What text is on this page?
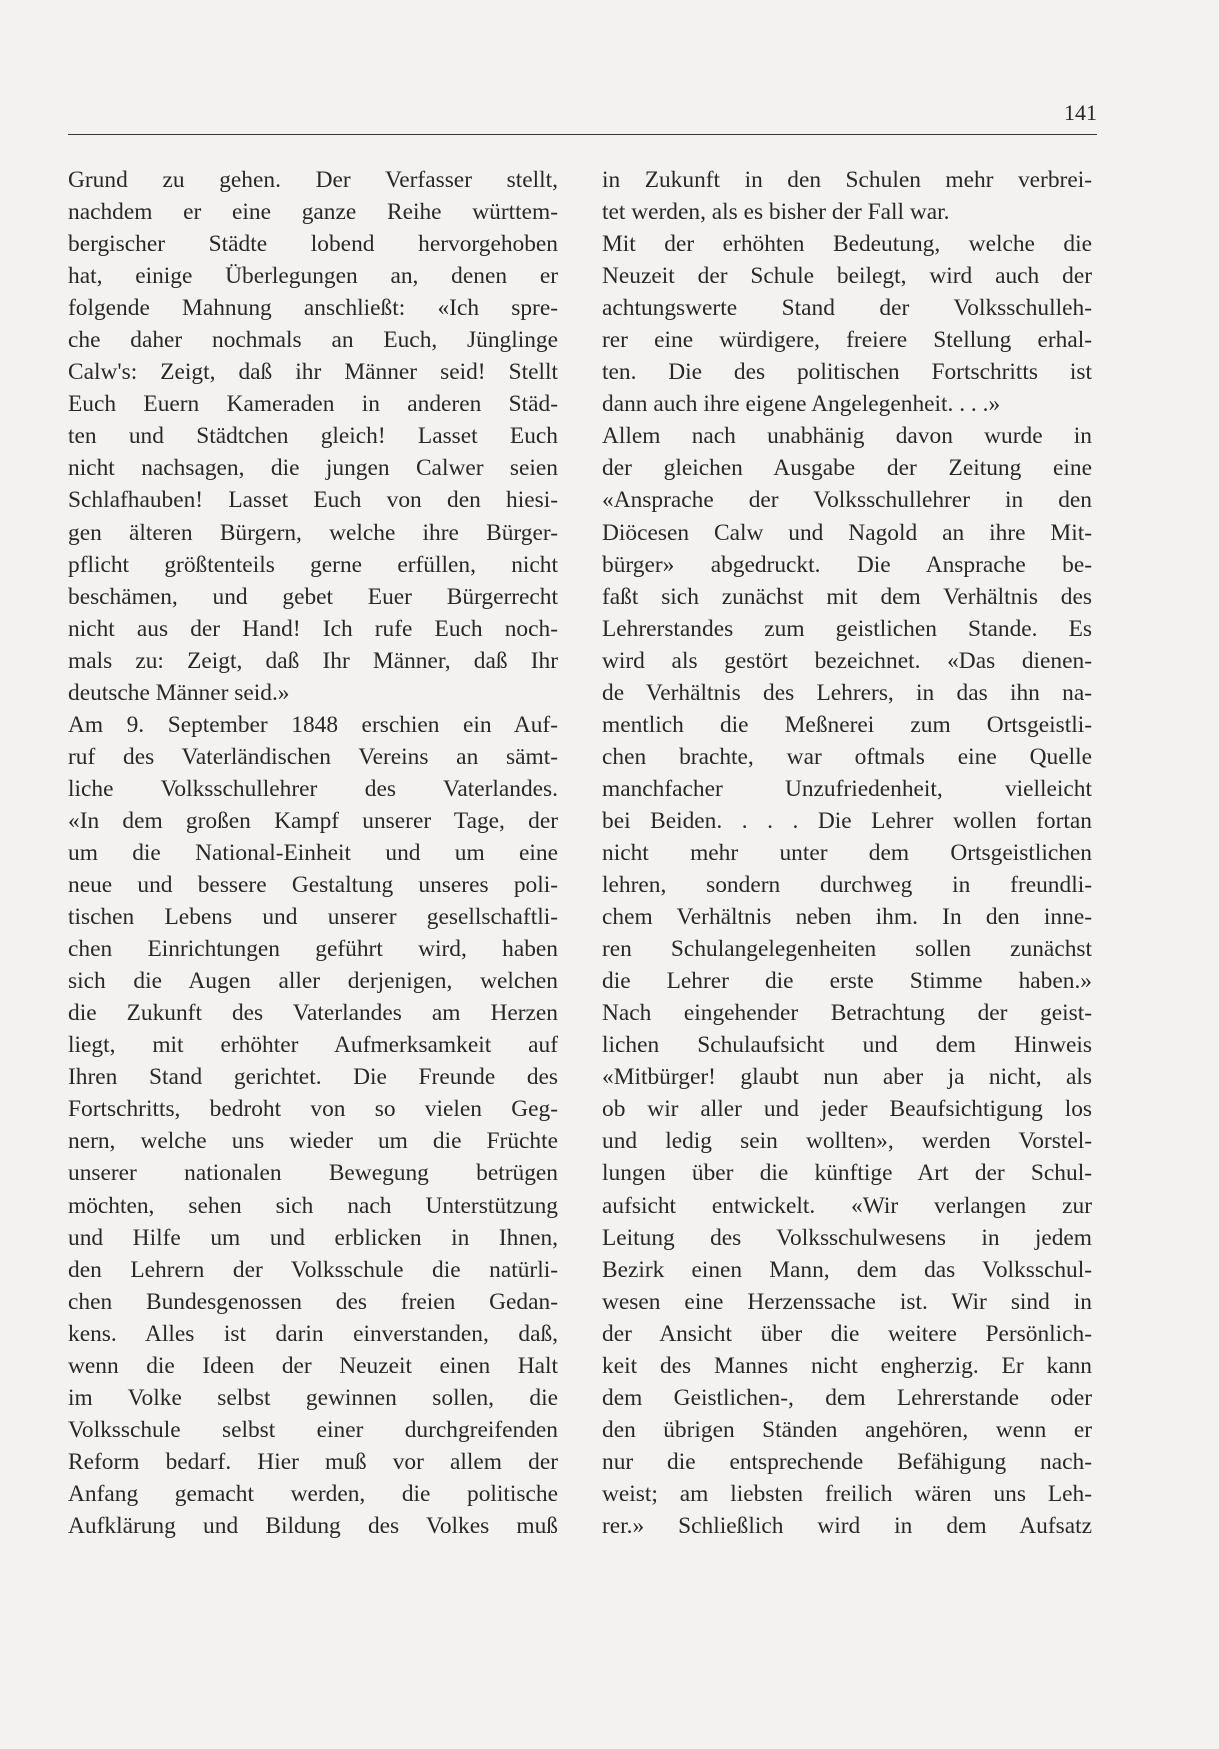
141
Grund zu gehen. Der Verfasser stellt,
nachdem er eine ganze Reihe württem-
bergischer Städte lobend hervorgehoben
hat, einige Überlegungen an, denen er
folgende Mahnung anschließt: «Ich spre-
che daher nochmals an Euch, Jünglinge
Calw's: Zeigt, daß ihr Männer seid! Stellt
Euch Euern Kameraden in anderen Städ-
ten und Städtchen gleich! Lasset Euch
nicht nachsagen, die jungen Calwer seien
Schlafhauben! Lasset Euch von den hiesi-
gen älteren Bürgern, welche ihre Bürger-
pflicht größtenteils gerne erfüllen, nicht
beschämen, und gebet Euer Bürgerrecht
nicht aus der Hand! Ich rufe Euch noch-
mals zu: Zeigt, daß Ihr Männer, daß Ihr
deutsche Männer seid.»
Am 9. September 1848 erschien ein Auf-
ruf des Vaterländischen Vereins an sämt-
liche Volksschullehrer des Vaterlandes.
«In dem großen Kampf unserer Tage, der
um die National-Einheit und um eine
neue und bessere Gestaltung unseres poli-
tischen Lebens und unserer gesellschaftli-
chen Einrichtungen geführt wird, haben
sich die Augen aller derjenigen, welchen
die Zukunft des Vaterlandes am Herzen
liegt, mit erhöhter Aufmerksamkeit auf
Ihren Stand gerichtet. Die Freunde des
Fortschritts, bedroht von so vielen Geg-
nern, welche uns wieder um die Früchte
unserer nationalen Bewegung betrügen
möchten, sehen sich nach Unterstützung
und Hilfe um und erblicken in Ihnen,
den Lehrern der Volksschule die natürli-
chen Bundesgenossen des freien Gedan-
kens. Alles ist darin einverstanden, daß,
wenn die Ideen der Neuzeit einen Halt
im Volke selbst gewinnen sollen, die
Volksschule selbst einer durchgreifenden
Reform bedarf. Hier muß vor allem der
Anfang gemacht werden, die politische
Aufklärung und Bildung des Volkes muß
in Zukunft in den Schulen mehr verbrei-
tet werden, als es bisher der Fall war.
Mit der erhöhten Bedeutung, welche die
Neuzeit der Schule beilegt, wird auch der
achtungswerte Stand der Volksschulleh-
rer eine würdigere, freiere Stellung erhal-
ten. Die des politischen Fortschritts ist
dann auch ihre eigene Angelegenheit. . . .»
Allem nach unabhänig davon wurde in
der gleichen Ausgabe der Zeitung eine
«Ansprache der Volksschullehrer in den
Diöcesen Calw und Nagold an ihre Mit-
bürger» abgedruckt. Die Ansprache be-
faßt sich zunächst mit dem Verhältnis des
Lehrerstandes zum geistlichen Stande. Es
wird als gestört bezeichnet. «Das dienen-
de Verhältnis des Lehrers, in das ihn na-
mentlich die Meßnerei zum Ortsgeistli-
chen brachte, war oftmals eine Quelle
manchfacher Unzufriedenheit, vielleicht
bei Beiden. . . . Die Lehrer wollen fortan
nicht mehr unter dem Ortsgeistlichen
lehren, sondern durchweg in freundli-
chem Verhältnis neben ihm. In den inne-
ren Schulangelegenheiten sollen zunächst
die Lehrer die erste Stimme haben.»
Nach eingehender Betrachtung der geist-
lichen Schulaufsicht und dem Hinweis
«Mitbürger! glaubt nun aber ja nicht, als
ob wir aller und jeder Beaufsichtigung los
und ledig sein wollten», werden Vorstel-
lungen über die künftige Art der Schul-
aufsicht entwickelt. «Wir verlangen zur
Leitung des Volksschulwesens in jedem
Bezirk einen Mann, dem das Volksschul-
wesen eine Herzenssache ist. Wir sind in
der Ansicht über die weitere Persönlich-
keit des Mannes nicht engherzig. Er kann
dem Geistlichen-, dem Lehrerstande oder
den übrigen Ständen angehören, wenn er
nur die entsprechende Befähigung nach-
weist; am liebsten freilich wären uns Leh-
rer.» Schließlich wird in dem Aufsatz
